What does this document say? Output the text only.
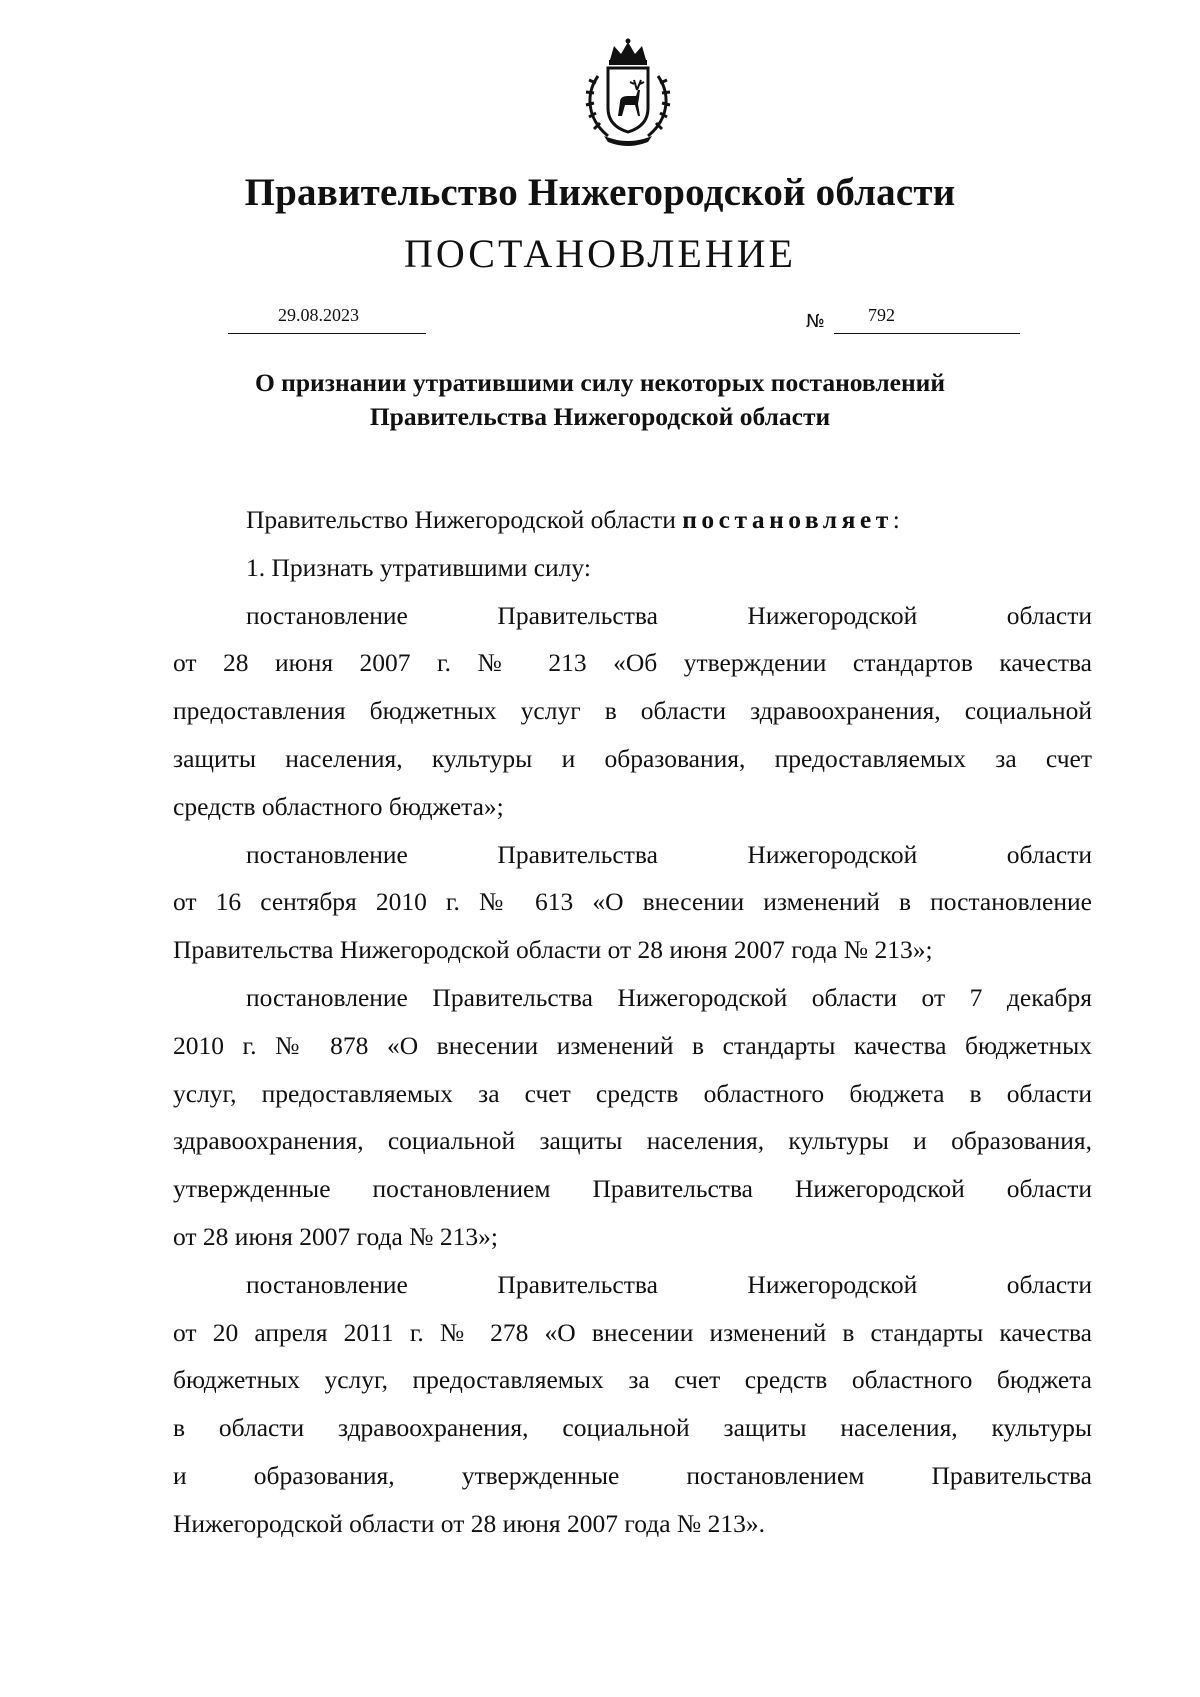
Правительство Нижегородской области
ПОСТАНОВЛЕНИЕ
29.08.2023	№ 792
О признании утратившими силу некоторых постановлений
Правительства Нижегородской области
Правительство Нижегородской области постановляет:
1. Признать утратившими силу:
постановление Правительства Нижегородской области
от 28 июня 2007 г. № 213 «Об утверждении стандартов качества
предоставления бюджетных услуг в области здравоохранения, социальной
защиты населения, культуры и образования, предоставляемых за счет
средств областного бюджета»;
постановление Правительства Нижегородской области
от 16 сентября 2010 г. № 613 «О внесении изменений в постановление
Правительства Нижегородской области от 28 июня 2007 года № 213»;
постановление Правительства Нижегородской области от 7 декабря
2010 г. № 878 «О внесении изменений в стандарты качества бюджетных
услуг, предоставляемых за счет средств областного бюджета в области
здравоохранения, социальной защиты населения, культуры и образования,
утвержденные постановлением Правительства Нижегородской области
от 28 июня 2007 года № 213»;
постановление Правительства Нижегородской области
от 20 апреля 2011 г. № 278 «О внесении изменений в стандарты качества
бюджетных услуг, предоставляемых за счет средств областного бюджета
в области здравоохранения, социальной защиты населения, культуры
и образования, утвержденные постановлением Правительства
Нижегородской области от 28 июня 2007 года № 213».
